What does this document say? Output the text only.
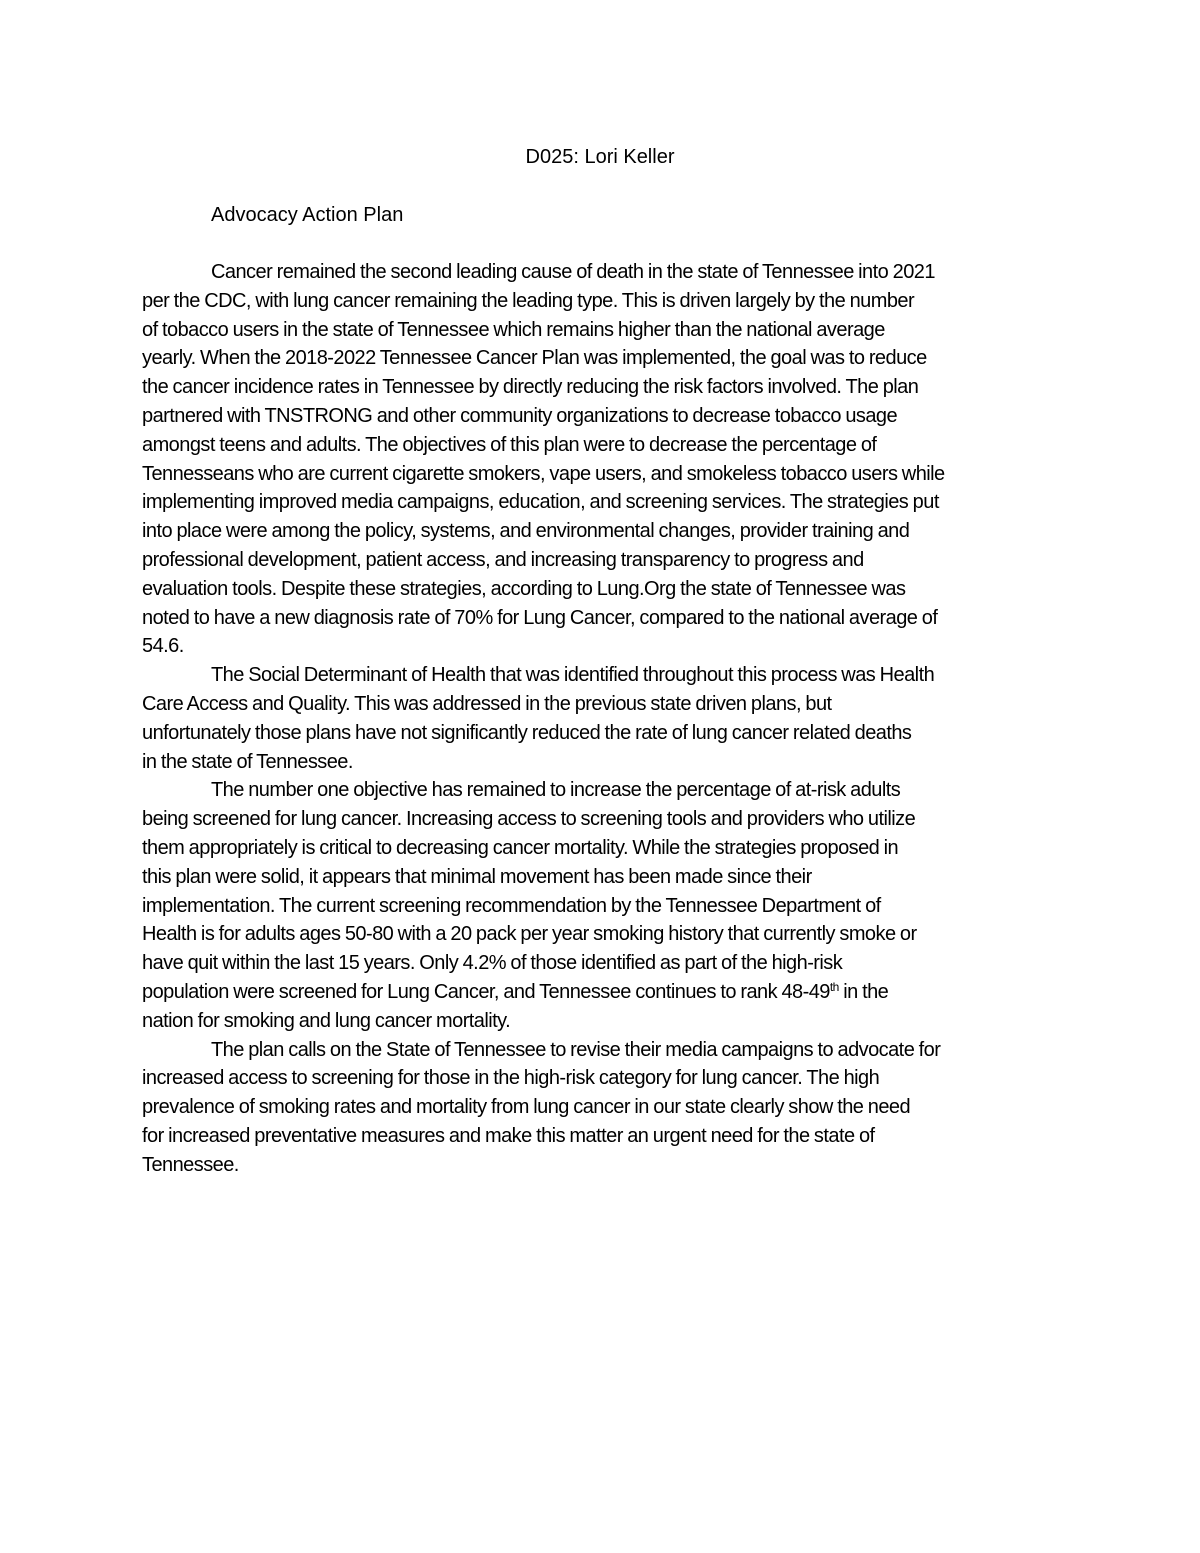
D025: Lori Keller
Advocacy Action Plan

Cancer remained the second leading cause of death in the state of Tennessee into 2021
per the CDC, with lung cancer remaining the leading type. This is driven largely by the number
of tobacco users in the state of Tennessee which remains higher than the national average
yearly. When the 2018-2022 Tennessee Cancer Plan was implemented, the goal was to reduce
the cancer incidence rates in Tennessee by directly reducing the risk factors involved. The plan
partnered with TNSTRONG and other community organizations to decrease tobacco usage
amongst teens and adults. The objectives of this plan were to decrease the percentage of
Tennesseans who are current cigarette smokers, vape users, and smokeless tobacco users while
implementing improved media campaigns, education, and screening services. The strategies put
into place were among the policy, systems, and environmental changes, provider training and
professional development, patient access, and increasing transparency to progress and
evaluation tools. Despite these strategies, according to Lung.Org the state of Tennessee was
noted to have a new diagnosis rate of 70% for Lung Cancer, compared to the national average of
54.6.

The Social Determinant of Health that was identified throughout this process was Health
Care Access and Quality. This was addressed in the previous state driven plans, but
unfortunately those plans have not significantly reduced the rate of lung cancer related deaths
in the state of Tennessee.

The number one objective has remained to increase the percentage of at-risk adults
being screened for lung cancer. Increasing access to screening tools and providers who utilize
them appropriately is critical to decreasing cancer mortality. While the strategies proposed in
this plan were solid, it appears that minimal movement has been made since their
implementation. The current screening recommendation by the Tennessee Department of
Health is for adults ages 50-80 with a 20 pack per year smoking history that currently smoke or
have quit within the last 15 years. Only 4.2% of those identified as part of the high-risk
population were screened for Lung Cancer, and Tennessee continues to rank 48-49th in the
nation for smoking and lung cancer mortality.

The plan calls on the State of Tennessee to revise their media campaigns to advocate for
increased access to screening for those in the high-risk category for lung cancer. The high
prevalence of smoking rates and mortality from lung cancer in our state clearly show the need
for increased preventative measures and make this matter an urgent need for the state of
Tennessee.
